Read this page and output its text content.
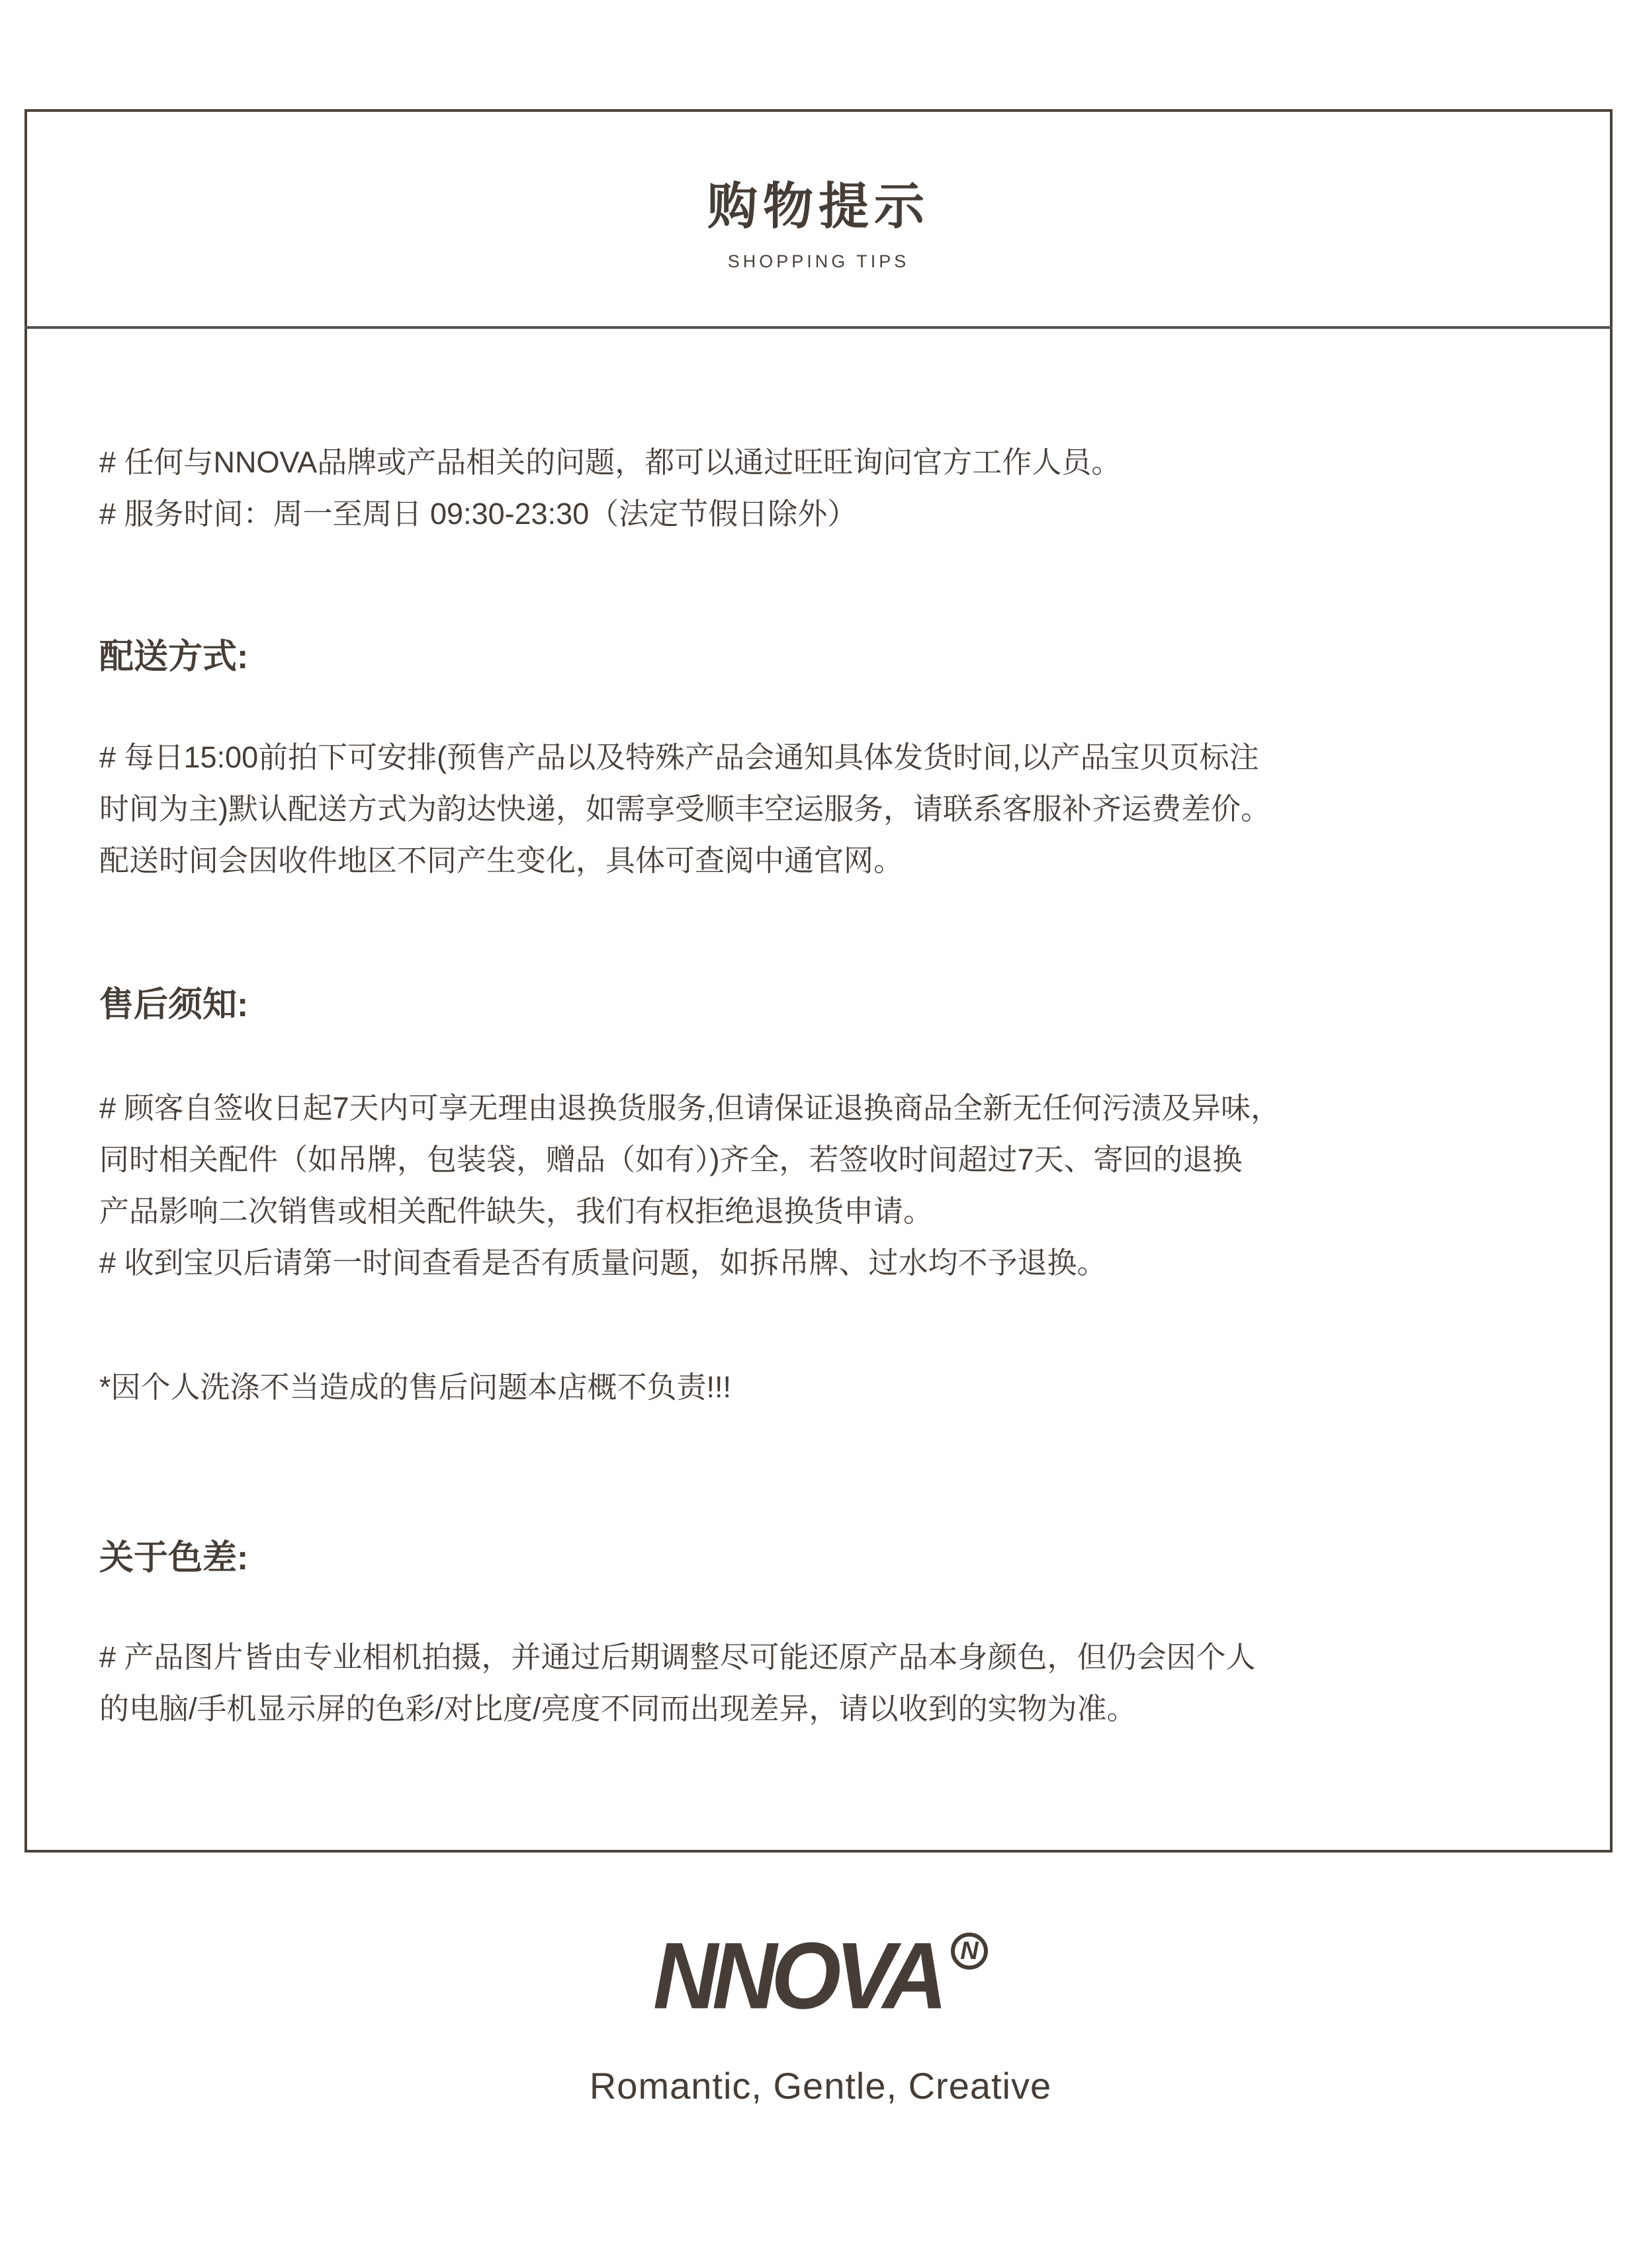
购物提示
SHOPPING TIPS
# 任何与NNOVA品牌或产品相关的问题，都可以通过旺旺询问官方工作人员。
# 服务时间：周一至周日 09:30-23:30（法定节假日除外）
配送方式:
# 每日15:00前拍下可安排(预售产品以及特殊产品会通知具体发货时间,以产品宝贝页标注
时间为主)默认配送方式为韵达快递，如需享受顺丰空运服务，请联系客服补齐运费差价。
配送时间会因收件地区不同产生变化，具体可查阅中通官网。
售后须知:
# 顾客自签收日起7天内可享无理由退换货服务,但请保证退换商品全新无任何污渍及异味，
同时相关配件（如吊牌，包装袋，赠品（如有）)齐全，若签收时间超过7天、寄回的退换
产品影响二次销售或相关配件缺失，我们有权拒绝退换货申请。
# 收到宝贝后请第一时间查看是否有质量问题，如拆吊牌、过水均不予退换。
*因个人洗涤不当造成的售后问题本店概不负责!!!
关于色差:
# 产品图片皆由专业相机拍摄，并通过后期调整尽可能还原产品本身颜色，但仍会因个人
的电脑/手机显示屏的色彩/对比度/亮度不同而出现差异，请以收到的实物为准。
NNOVA N
Romantic, Gentle, Creative
